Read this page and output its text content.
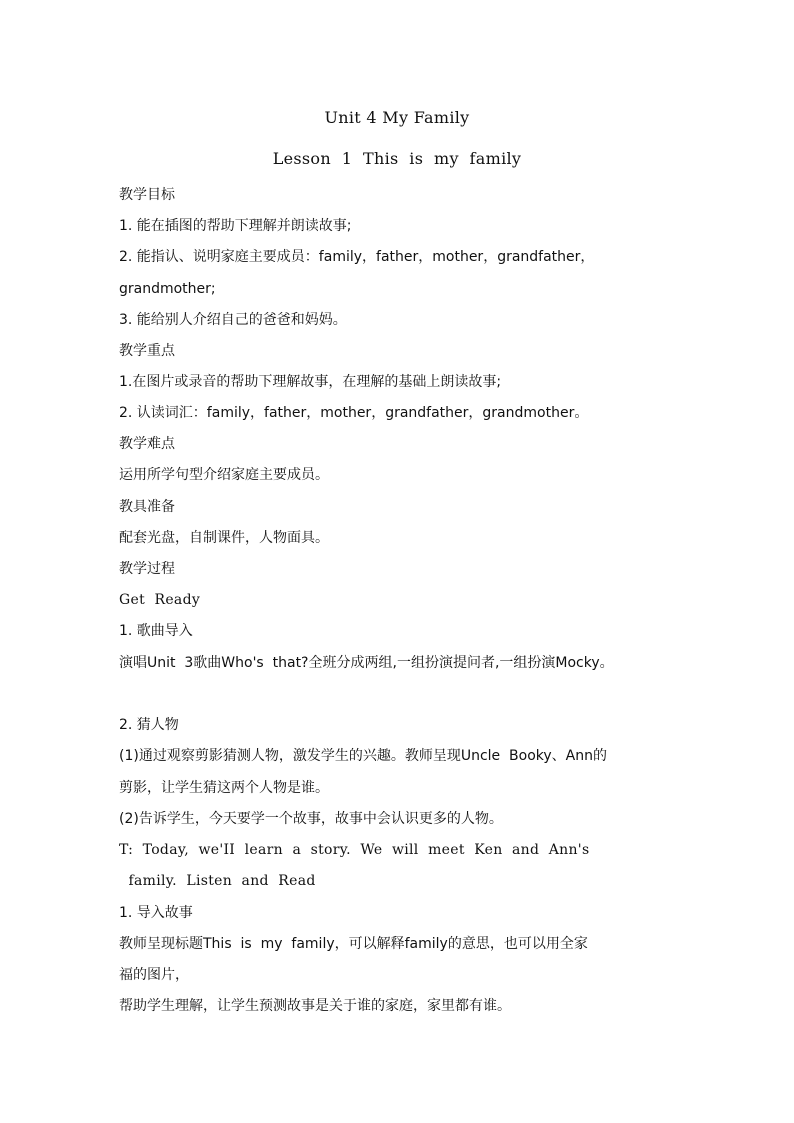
Unit 4 My Family
Lesson  1  This  is  my  family
教学目标
1. 能在插图的帮助下理解并朗读故事;
2. 能指认、说明家庭主要成员：family，father，mother，grandfather，
grandmother;
3. 能给别人介绍自己的爸爸和妈妈。
教学重点
1.在图片或录音的帮助下理解故事，在理解的基础上朗读故事;
2. 认读词汇：family，father，mother，grandfather，grandmother。
教学难点
运用所学句型介绍家庭主要成员。
教具准备
配套光盘，自制课件，人物面具。
教学过程
Get  Ready
1. 歌曲导入
演唱Unit  3歌曲Who's  that?全班分成两组,一组扮演提问者,一组扮演Mocky。
2. 猜人物
(1)通过观察剪影猜测人物，激发学生的兴趣。教师呈现Uncle  Booky、Ann的
剪影，让学生猜这两个人物是谁。
(2)告诉学生，今天要学一个故事，故事中会认识更多的人物。
T:  Today,  we'II  learn  a  story.  We  will  meet  Ken  and  Ann's
family.  Listen  and  Read
1. 导入故事
教师呈现标题This  is  my  family，可以解释family的意思，也可以用全家
福的图片，
帮助学生理解，让学生预测故事是关于谁的家庭，家里都有谁。
